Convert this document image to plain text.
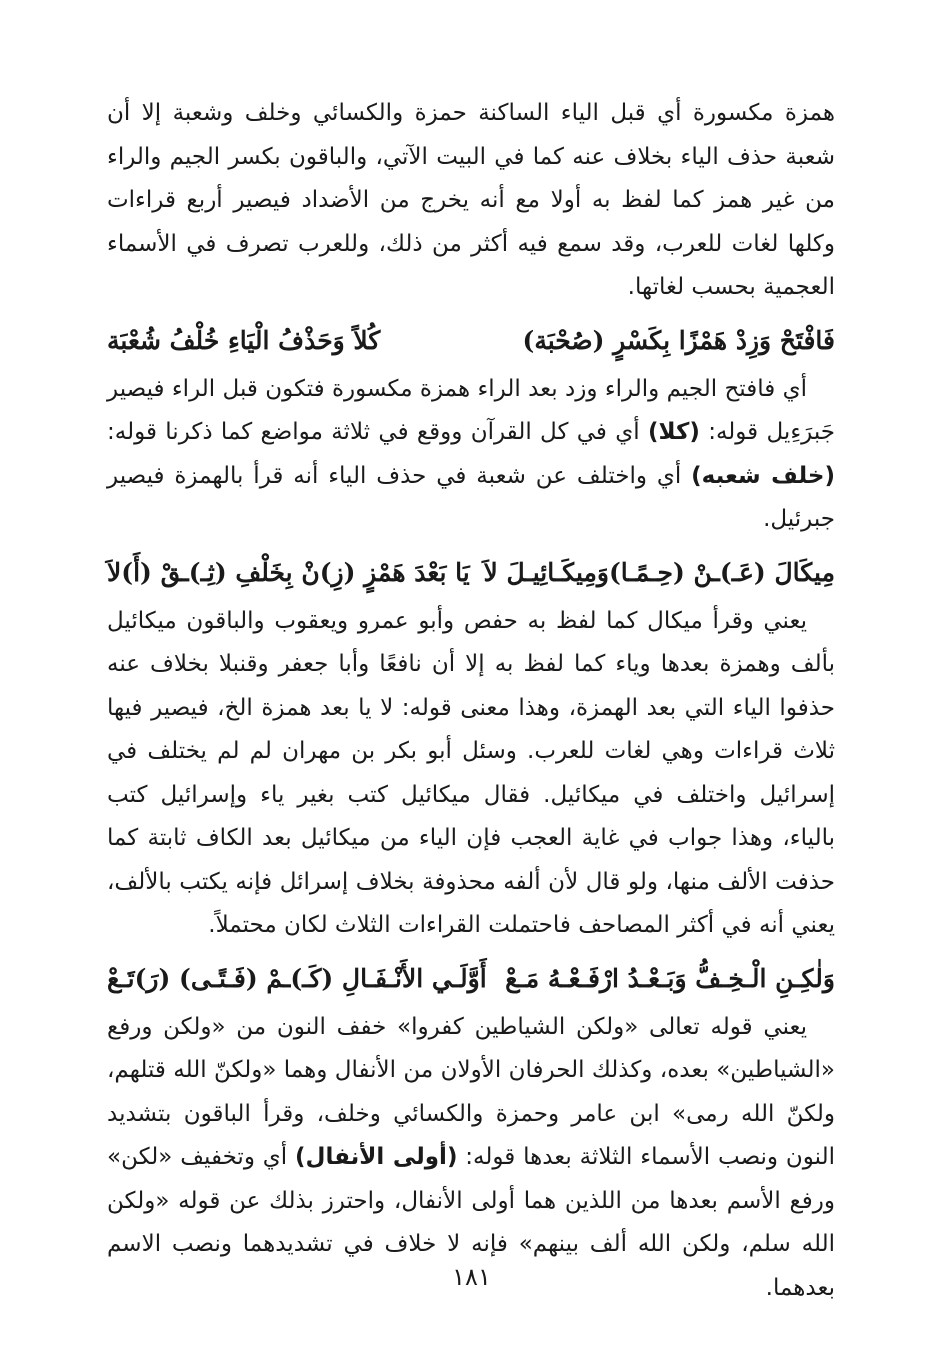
همزة مكسورة أي قبل الياء الساكنة حمزة والكسائي وخلف وشعبة إلا أن شعبة حذف الياء بخلاف عنه كما في البيت الآتي، والباقون بكسر الجيم والراء من غير همز كما لفظ به أولا مع أنه يخرج من الأضداد فيصير أربع قراءات وكلها لغات للعرب، وقد سمع فيه أكثر من ذلك، وللعرب تصرف في الأسماء العجمية بحسب لغاتها.

فَافْتَحْ وَزِدْ هَمْزًا بِكَسْرٍ (صُحْبَة)
كُلاً وَحَذْفُ الْيَاءِ خُلْفُ شُعْبَة

أي فافتح الجيم والراء وزد بعد الراء همزة مكسورة فتكون قبل الراء فيصير جَبرَءِيل قوله: (كلا) أي في كل القرآن ووقع في ثلاثة مواضع كما ذكرنا قوله: (خلف شعبه) أي واختلف عن شعبة في حذف الياء أنه قرأ بالهمزة فيصير جبرئيل.

مِيكَالَ (عَـ)ـنْ (حِـمًـا)وَمِيكَـائِيـلَ لاَ
يَا بَعْدَ هَمْزٍ (زِ)نْ بِخَلْفِ (ثِـ)ـقْ (أَ)لاَ

يعني وقرأ ميكال كما لفظ به حفص وأبو عمرو ويعقوب والباقون ميكائيل بألف وهمزة بعدها وياء كما لفظ به إلا أن نافعًا وأبا جعفر وقنبلا بخلاف عنه حذفوا الياء التي بعد الهمزة، وهذا معنى قوله: لا يا بعد همزة الخ، فيصير فيها ثلاث قراءات وهي لغات للعرب. وسئل أبو بكر بن مهران لم لم يختلف في إسرائيل واختلف في ميكائيل. فقال ميكائيل كتب بغير ياء وإسرائيل كتب بالياء، وهذا جواب في غاية العجب فإن الياء من ميكائيل بعد الكاف ثابتة كما حذفت الألف منها، ولو قال لأن ألفه محذوفة بخلاف إسرائل فإنه يكتب بالألف، يعني أنه في أكثر المصاحف فاحتملت القراءات الثلاث لكان محتملاً.

وَلٰكِـنِ الْـخِـفُّ وَبَـعْـدُ ارْفَـعْـهُ مَـعْ
أَوَّلَـي الأَنْـفَـالِ (كَـ)ـمْ (فَـتًـى) (رَ)تَـعْ

يعني قوله تعالى «ولكن الشياطين كفروا» خفف النون من «ولكن ورفع «الشياطين» بعده، وكذلك الحرفان الأولان من الأنفال وهما «ولكنّ الله قتلهم، ولكنّ الله رمى» ابن عامر وحمزة والكسائي وخلف، وقرأ الباقون بتشديد النون ونصب الأسماء الثلاثة بعدها قوله: (أولى الأنفال) أي وتخفيف «لكن» ورفع الأسم بعدها من اللذين هما أولى الأنفال، واحترز بذلك عن قوله «ولكن الله سلم، ولكن الله ألف بينهم» فإنه لا خلاف في تشديدهما ونصب الاسم بعدهما.

١٨١
